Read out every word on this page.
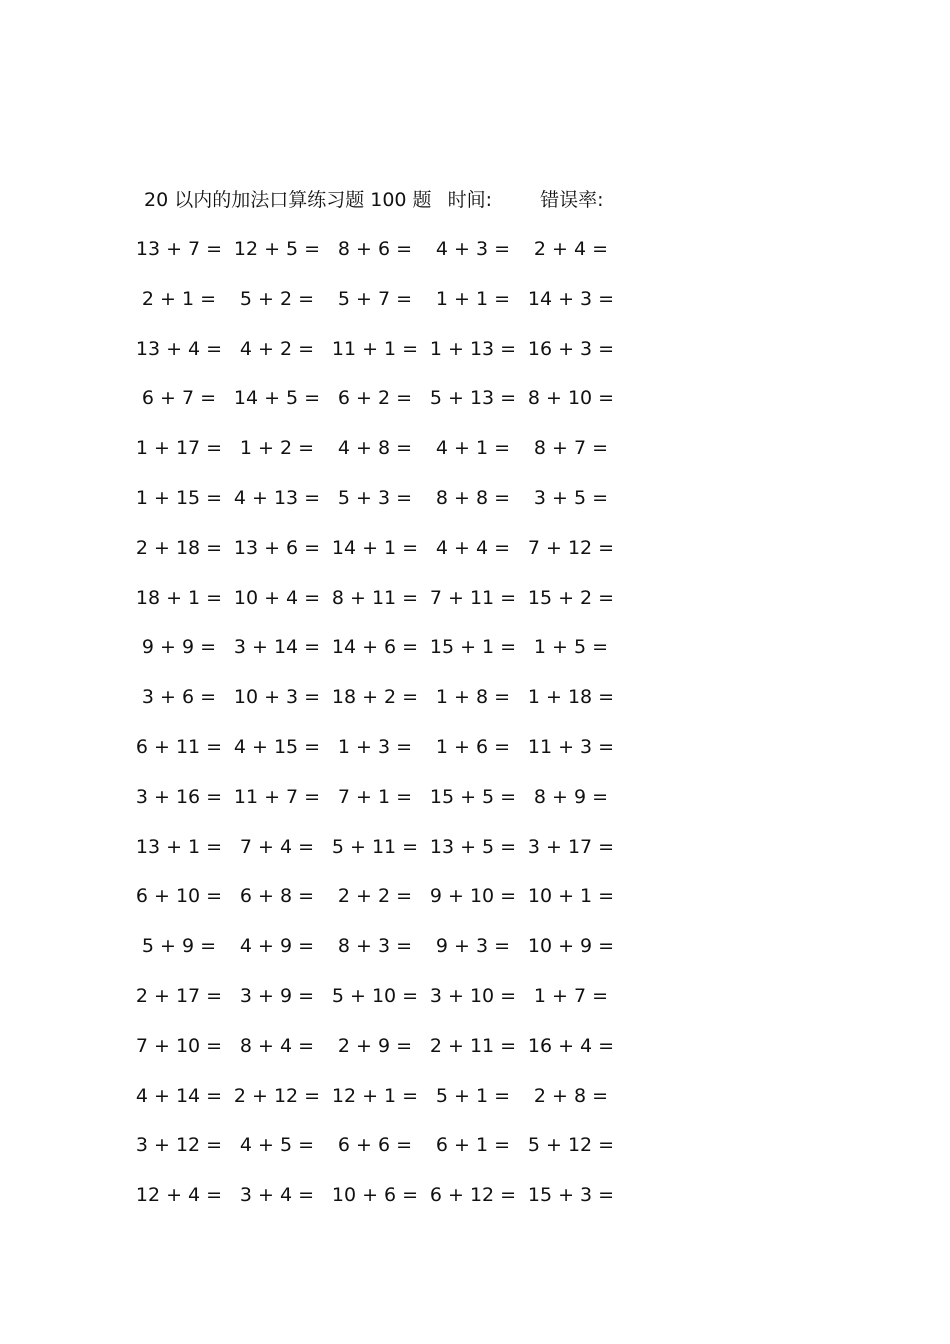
20 以内的加法口算练习题 100 题 时间:	错误率:
13 + 7 = 12 + 5 = 8 + 6 =	4 + 3 =	2 + 4 =
2 + 1 =	5 + 2 =	5 + 7 =	1 + 1 = 14 + 3 =
13 + 4 = 4 + 2 = 11 + 1 = 1 + 13 = 16 + 3 =
6 + 7 = 14 + 5 = 6 + 2 = 5 + 13 = 8 + 10 =
1 + 17 = 1 + 2 =	4 + 8 =	4 + 1 =	8 + 7 =
1 + 15 = 4 + 13 = 5 + 3 =	8 + 8 =	3 + 5 =
2 + 18 = 13 + 6 = 14 + 1 = 4 + 4 = 7 + 12 =
18 + 1 = 10 + 4 = 8 + 11 = 7 + 11 = 15 + 2 =
9 + 9 = 3 + 14 = 14 + 6 = 15 + 1 = 1 + 5 =
3 + 6 = 10 + 3 = 18 + 2 = 1 + 8 = 1 + 18 =
6 + 11 = 4 + 15 = 1 + 3 =	1 + 6 = 11 + 3 =
3 + 16 = 11 + 7 = 7 + 1 = 15 + 5 = 8 + 9 =
13 + 1 = 7 + 4 = 5 + 11 = 13 + 5 = 3 + 17 =
6 + 10 = 6 + 8 =	2 + 2 = 9 + 10 = 10 + 1 =
5 + 9 =	4 + 9 =	8 + 3 =	9 + 3 = 10 + 9 =
2 + 17 = 3 + 9 = 5 + 10 = 3 + 10 = 1 + 7 =
7 + 10 = 8 + 4 =	2 + 9 = 2 + 11 = 16 + 4 =
4 + 14 = 2 + 12 = 12 + 1 = 5 + 1 =	2 + 8 =
3 + 12 = 4 + 5 =	6 + 6 =	6 + 1 = 5 + 12 =
12 + 4 = 3 + 4 = 10 + 6 = 6 + 12 = 15 + 3 =
